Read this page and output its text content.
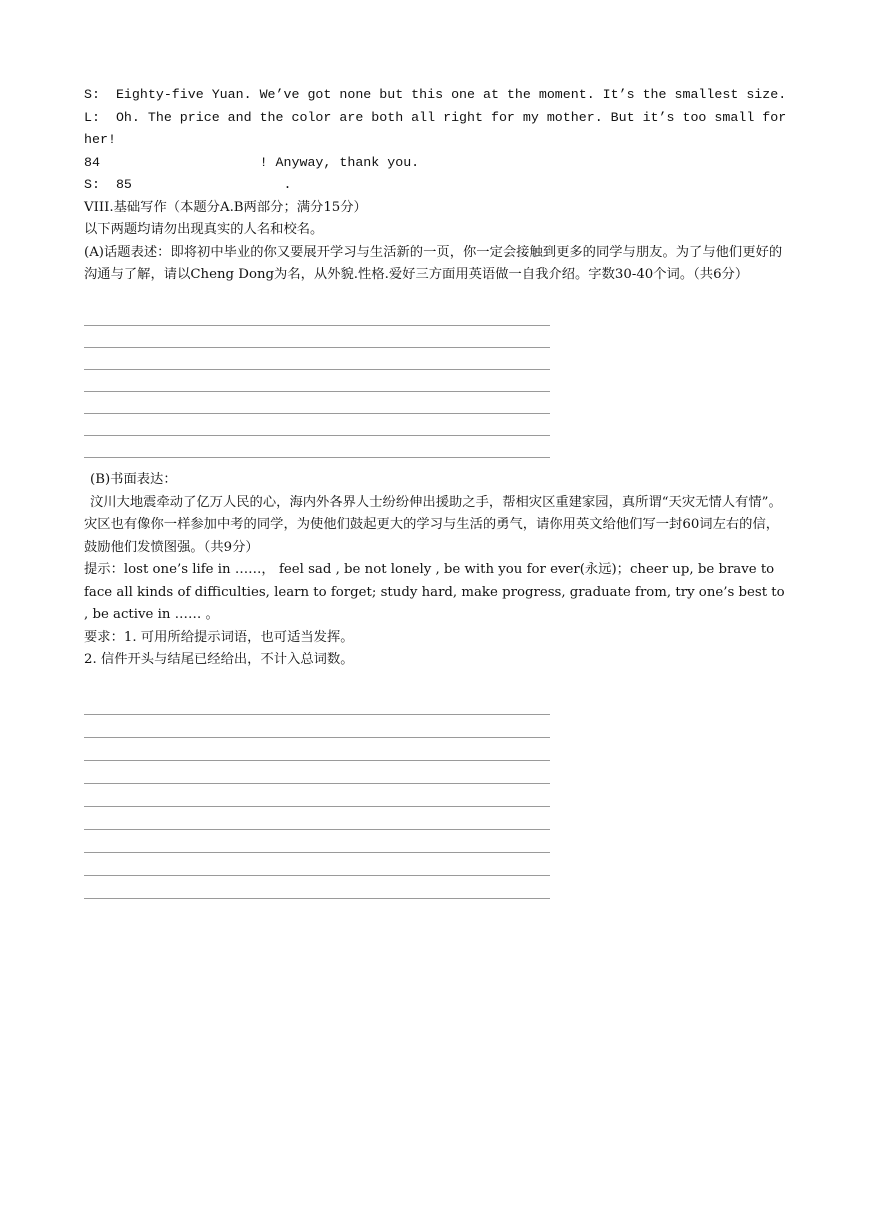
S: Eighty-five Yuan. We’ve got none but this one at the moment. It’s the smallest size.

L: Oh. The price and the color are both all right for my mother. But it’s too small for her!

84	! Anyway, thank you.

S: 85	.

VIII.基础写作（本题分A.B两部分；满分15分）

以下两题均请勿出现真实的人名和校名。

(A)话题表述：即将初中毕业的你又要展开学习与生活新的一页，你一定会接触到更多的同学与朋友。为了与他们更好的沟通与了解，请以Cheng Dong为名，从外貌.性格.爱好三方面用英语做一自我介绍。字数30-40个词。（共6分）

(B)书面表达：

汶川大地震牵动了亿万人民的心，海内外各界人士纷纷伸出援助之手，帮相灾区重建家园，真所谓“天灾无情人有情”。灾区也有像你一样参加中考的同学，为使他们鼓起更大的学习与生活的勇气，请你用英文给他们写一封60词左右的信，鼓励他们发愤图强。（共9分）

提示：lost one’s life in ……， feel sad , be not lonely , be with you for ever(永远)；cheer up, be brave to face all kinds of difficulties, learn to forget; study hard, make progress, graduate from, try one’s best to , be active in …… 。

要求：1. 可用所给提示词语，也可适当发挥。

2. 信件开头与结尾已经给出，不计入总词数。
